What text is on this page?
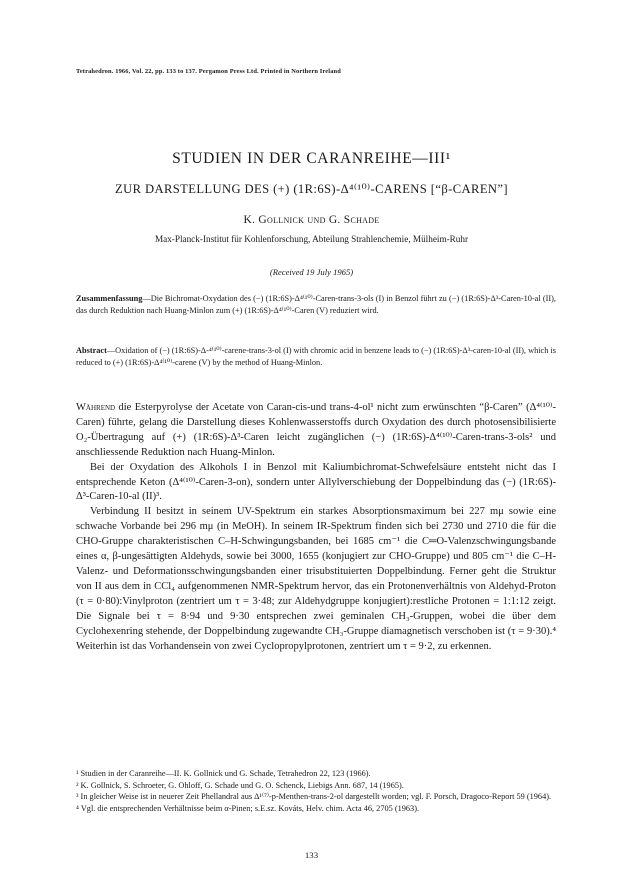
Tetrahedron. 1966, Vol. 22, pp. 133 to 137. Pergamon Press Ltd. Printed in Northern Ireland
STUDIEN IN DER CARANREIHE—III¹
ZUR DARSTELLUNG DES (+) (1R:6S)-Δ⁴⁽¹⁰⁾-CARENS [“β-CAREN”]
K. Gollnick und G. Schade
Max-Planck-Institut für Kohlenforschung, Abteilung Strahlenchemie, Mülheim-Ruhr
(Received 19 July 1965)
Zusammenfassung—Die Bichromat-Oxydation des (−) (1R:6S)-Δ⁴⁽¹⁰⁾-Caren-trans-3-ols (I) in Benzol führt zu (−) (1R:6S)-Δ³-Caren-10-al (II), das durch Reduktion nach Huang-Minlon zum (+) (1R:6S)-Δ⁴⁽¹⁰⁾-Caren (V) reduziert wird.
Abstract—Oxidation of (−) (1R:6S)-Δ-⁴⁽¹⁰⁾-carene-trans-3-ol (I) with chromic acid in benzene leads to (−) (1R:6S)-Δ³-caren-10-al (II), which is reduced to (+) (1R:6S)-Δ⁴⁽¹⁰⁾-carene (V) by the method of Huang-Minlon.

Während die Esterpyrolyse der Acetate von Caran-cis-und trans-4-ol¹ nicht zum erwünschten “β-Caren” (Δ⁴⁽¹⁰⁾-Caren) führte, gelang die Darstellung dieses Kohlenwasserstoffs durch Oxydation des durch photosensibilisierte O₂-Übertragung auf (+) (1R:6S)-Δ³-Caren leicht zugänglichen (−) (1R:6S)-Δ⁴⁽¹⁰⁾-Caren-trans-3-ols² und anschliessende Reduktion nach Huang-Minlon.

Bei der Oxydation des Alkohols I in Benzol mit Kaliumbichromat-Schwefelsäure entsteht nicht das I entsprechende Keton (Δ⁴⁽¹⁰⁾-Caren-3-on), sondern unter Allylverschiebung der Doppelbindung das (−) (1R:6S)-Δ³-Caren-10-al (II)³.

Verbindung II besitzt in seinem UV-Spektrum ein starkes Absorptionsmaximum bei 227 mμ sowie eine schwache Vorbande bei 296 mμ (in MeOH). In seinem IR-Spektrum finden sich bei 2730 und 2710 die für die CHO-Gruppe charakteristischen C–H-Schwingungsbanden, bei 1685 cm⁻¹ die C═O-Valenzschwingungsbande eines α, β-ungesättigten Aldehyds, sowie bei 3000, 1655 (konjugiert zur CHO-Gruppe) und 805 cm⁻¹ die C–H-Valenz- und Deformationsschwingungsbanden einer trisubstituierten Doppelbindung. Ferner geht die Struktur von II aus dem in CCl₄ aufgenommenen NMR-Spektrum hervor, das ein Protonenverhältnis von Aldehyd-Proton (τ = 0·80):Vinylproton (zentriert um τ = 3·48; zur Aldehydgruppe konjugiert):restliche Protonen = 1:1:12 zeigt. Die Signale bei τ = 8·94 und 9·30 entsprechen zwei geminalen CH₃-Gruppen, wobei die über dem Cyclohexenring stehende, der Doppelbindung zugewandte CH₃-Gruppe diamagnetisch verschoben ist (τ = 9·30).⁴ Weiterhin ist das Vorhandensein von zwei Cyclopropylprotonen, zentriert um τ = 9·2, zu erkennen.

¹ Studien in der Caranreihe—II. K. Gollnick und G. Schade, Tetrahedron 22, 123 (1966).

² K. Gollnick, S. Schroeter, G. Ohloff, G. Schade und G. O. Schenck, Liebigs Ann. 687, 14 (1965).

³ In gleicher Weise ist in neuerer Zeit Phellandral aus Δ¹⁽⁷⁾-p-Menthen-trans-2-ol dargestellt worden; vgl. F. Porsch, Dragoco-Report 59 (1964).

⁴ Vgl. die entsprechenden Verhältnisse beim α-Pinen; s.E.sz. Kováts, Helv. chim. Acta 46, 2705 (1963).

133
